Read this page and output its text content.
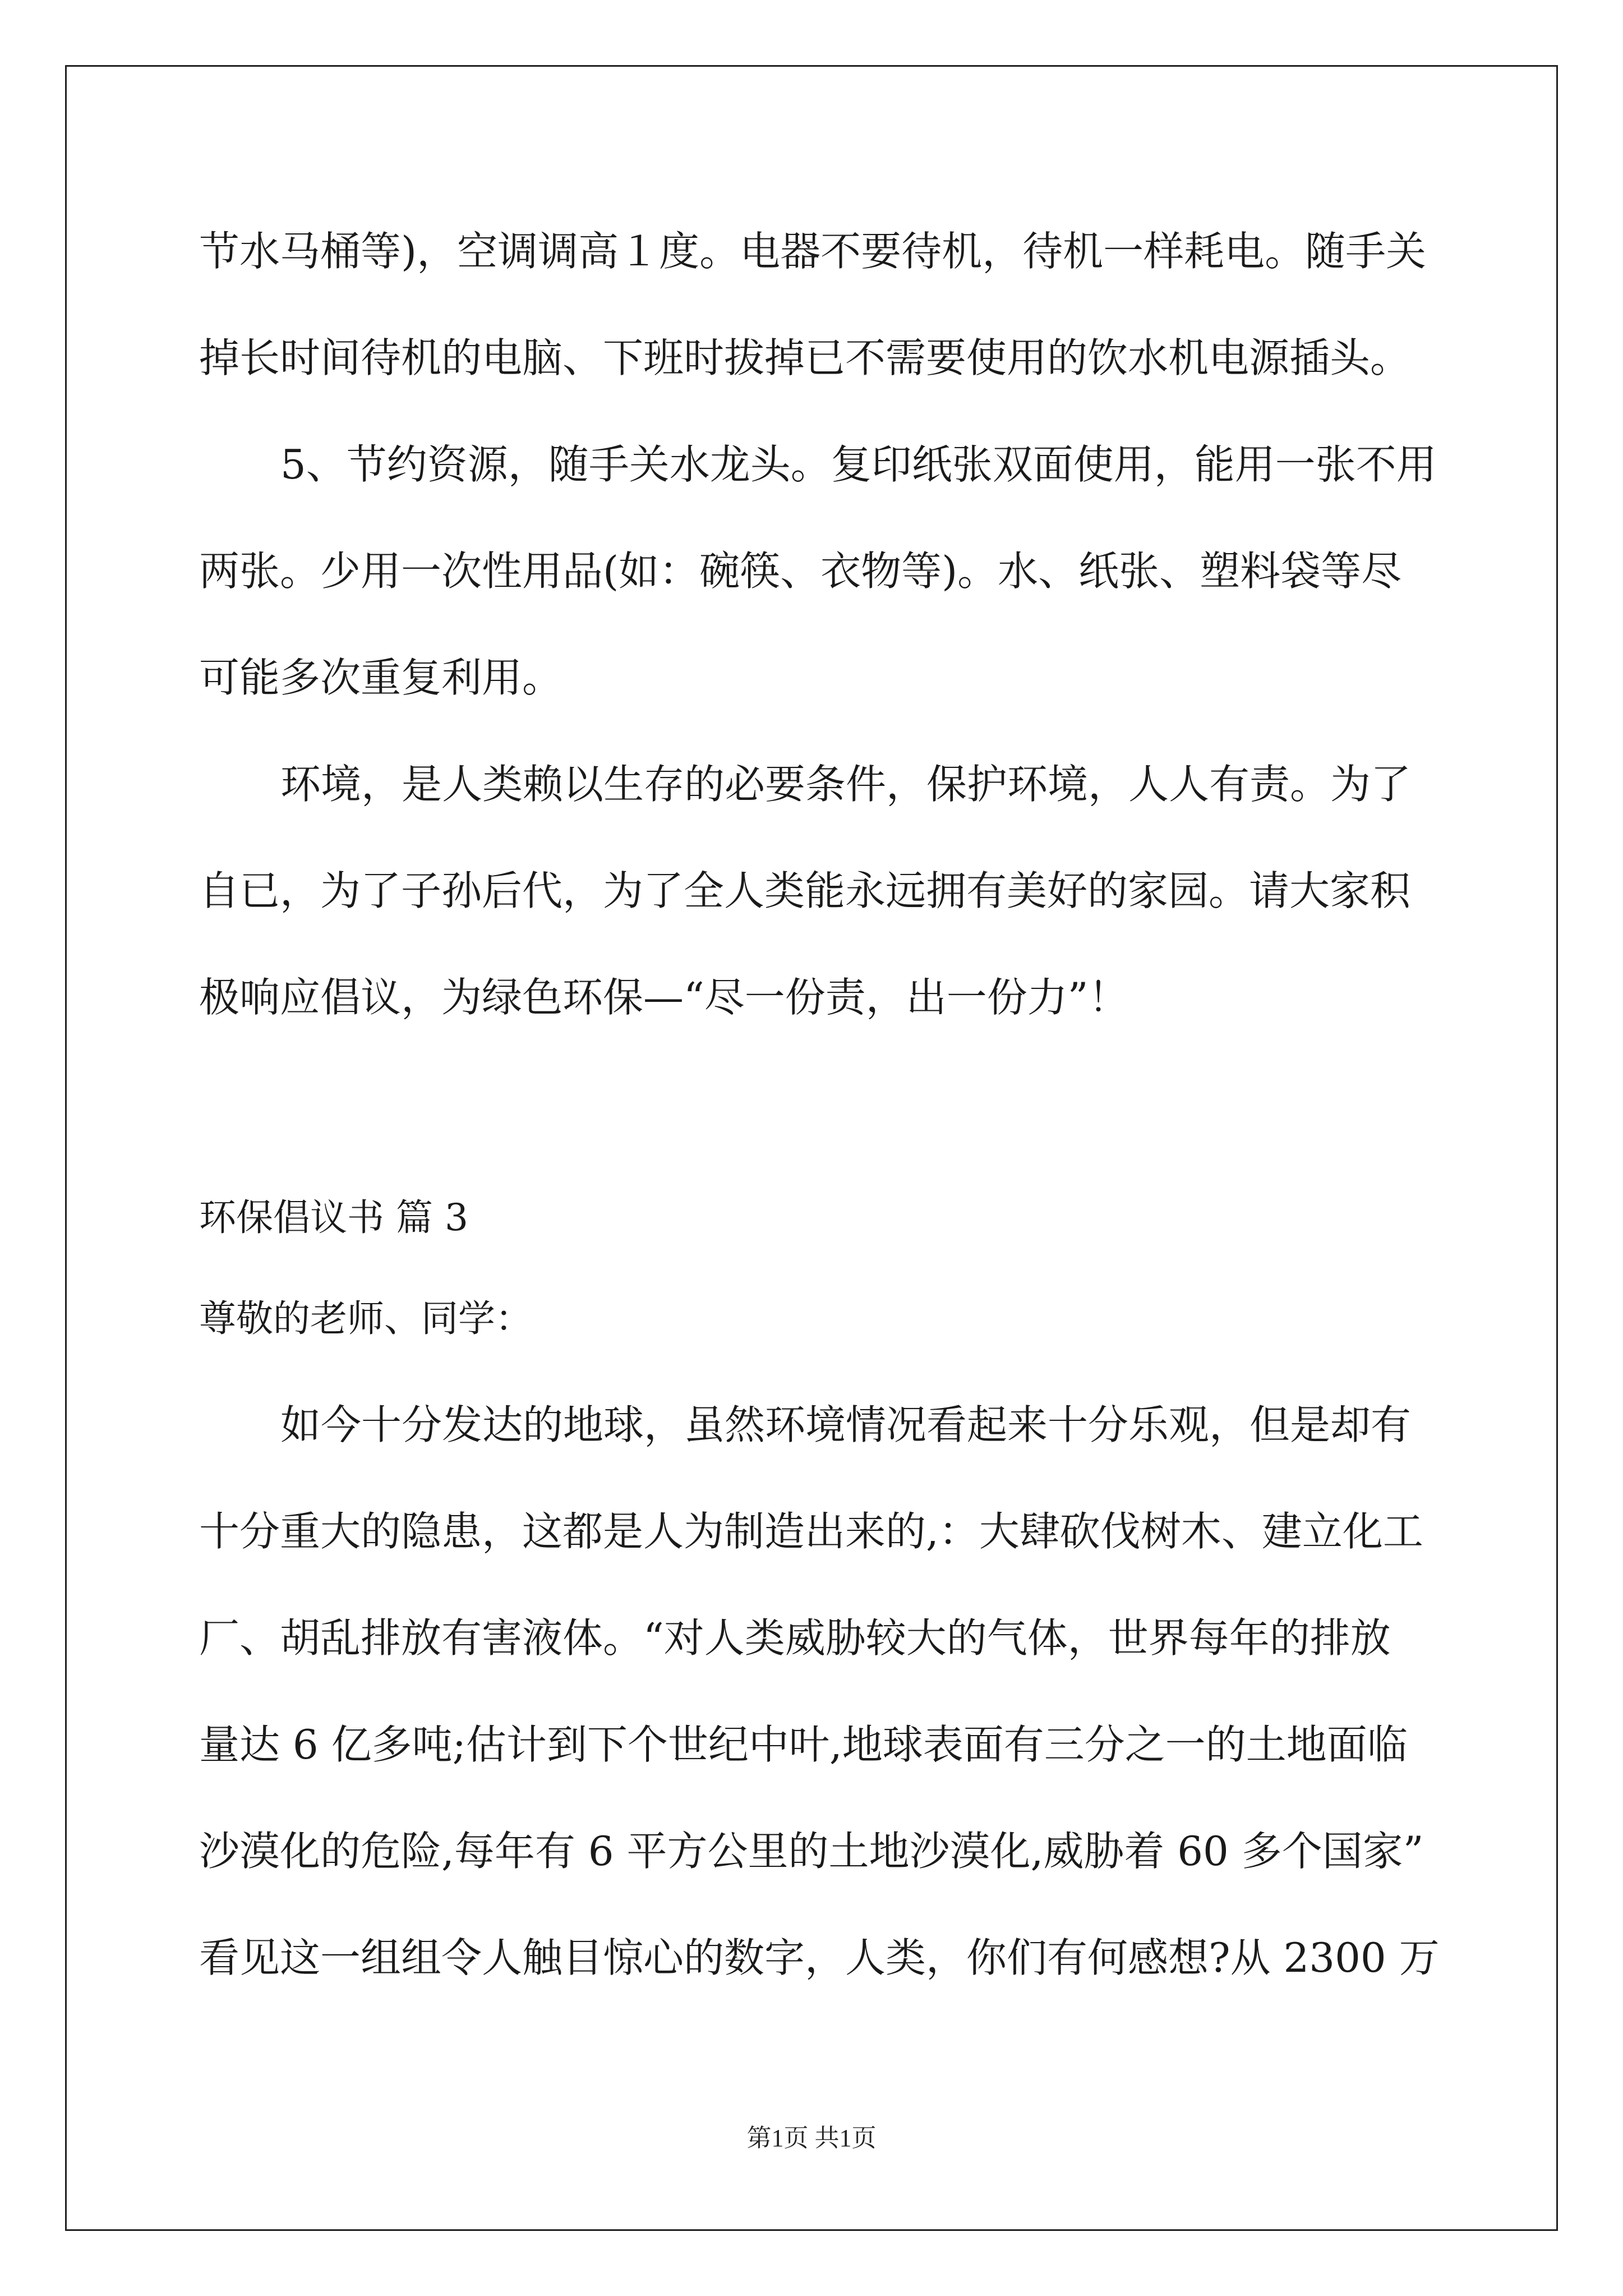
节水马桶等)，空调调高１度。电器不要待机，待机一样耗电。随手关
掉长时间待机的电脑、下班时拔掉已不需要使用的饮水机电源插头。
5、节约资源，随手关水龙头。复印纸张双面使用，能用一张不用
两张。少用一次性用品(如：碗筷、衣物等)。水、纸张、塑料袋等尽
可能多次重复利用。
环境，是人类赖以生存的必要条件，保护环境，人人有责。为了
自已，为了子孙后代，为了全人类能永远拥有美好的家园。请大家积
极响应倡议，为绿色环保—“尽一份责，出一份力”！
环保倡议书 篇 3
尊敬的老师、同学：
如今十分发达的地球，虽然环境情况看起来十分乐观，但是却有
十分重大的隐患，这都是人为制造出来的,：大肆砍伐树木、建立化工
厂、胡乱排放有害液体。“对人类威胁较大的气体，世界每年的排放
量达 6 亿多吨;估计到下个世纪中叶,地球表面有三分之一的土地面临
沙漠化的危险,每年有 6 平方公里的土地沙漠化,威胁着 60 多个国家”
看见这一组组令人触目惊心的数字，人类，你们有何感想?从 2300 万
第1页 共1页
